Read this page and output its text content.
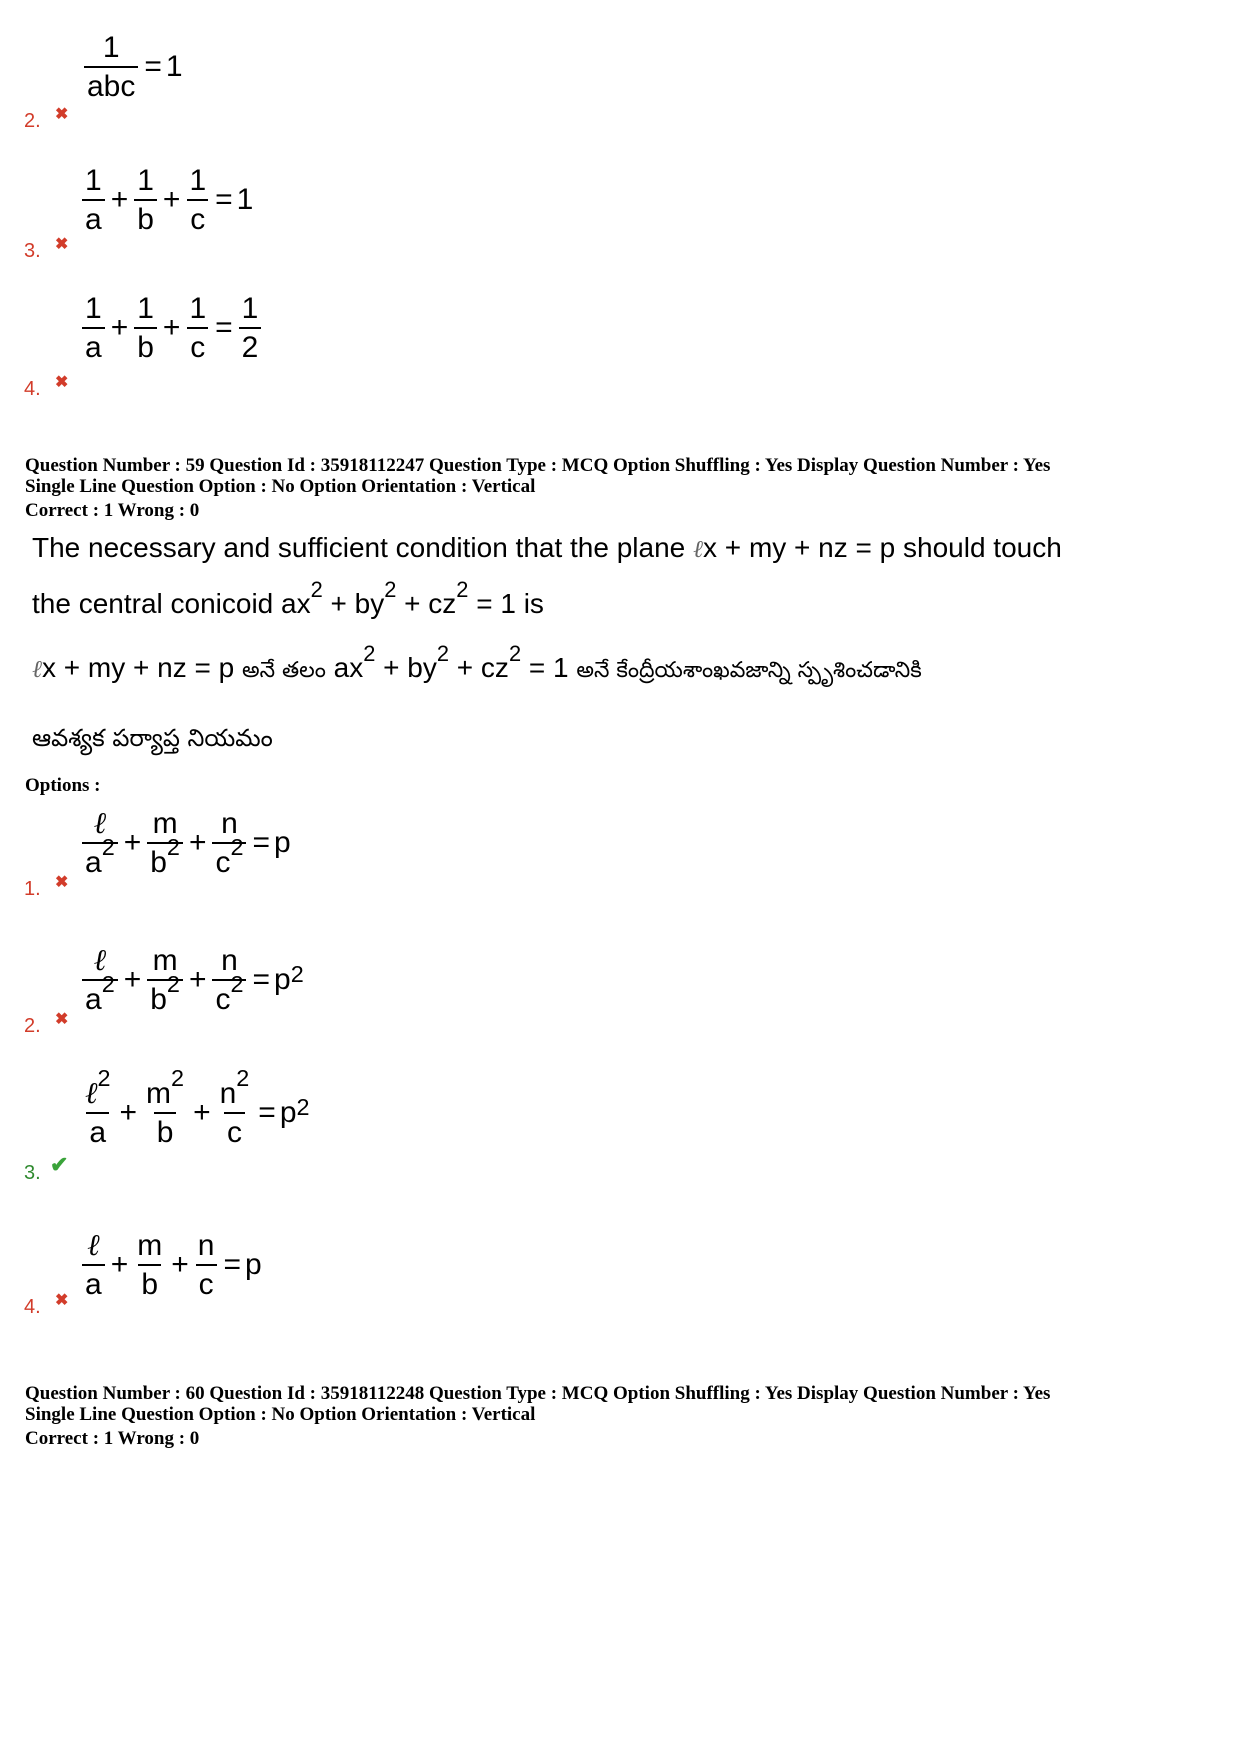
2. ✖
$\frac{1}{\text{abc}} = 1$
3. ✖
$\frac{1}{a} + \frac{1}{b} + \frac{1}{c} = 1$
4. ✖
$\frac{1}{a} + \frac{1}{b} + \frac{1}{c} = \frac{1}{2}$
Question Number : 59 Question Id : 35918112247 Question Type : MCQ Option Shuffling : Yes Display Question Number : Yes
Single Line Question Option : No Option Orientation : Vertical
Correct : 1 Wrong : 0
The necessary and sufficient condition that the plane ℓx + my + nz = p should touch
the central conicoid $ax^2 + by^2 + cz^2 = 1$ is
ℓx + my + nz = p అనే తలం $ax^2 + by^2 + cz^2 = 1$ అనే కేంద్రీయశాంఖవజాన్ని స్పృశించడానికి
ఆవశ్యక పర్యాప్త నియమం
Options :
1. ✖
$\frac{\text{ℓ}}{a^2} + \frac{m}{b^2} + \frac{n}{c^2} = p$
2. ✖
$\frac{\text{ℓ}}{a^2} + \frac{m}{b^2} + \frac{n}{c^2} = p^2$
3. ✔
$\frac{\ell^2}{a} + \frac{m^2}{b} + \frac{n^2}{c} = p^2$
4. ✖
$\frac{\text{ℓ}}{a} + \frac{m}{b} + \frac{n}{c} = p$
Question Number : 60 Question Id : 35918112248 Question Type : MCQ Option Shuffling : Yes Display Question Number : Yes
Single Line Question Option : No Option Orientation : Vertical
Correct : 1 Wrong : 0
